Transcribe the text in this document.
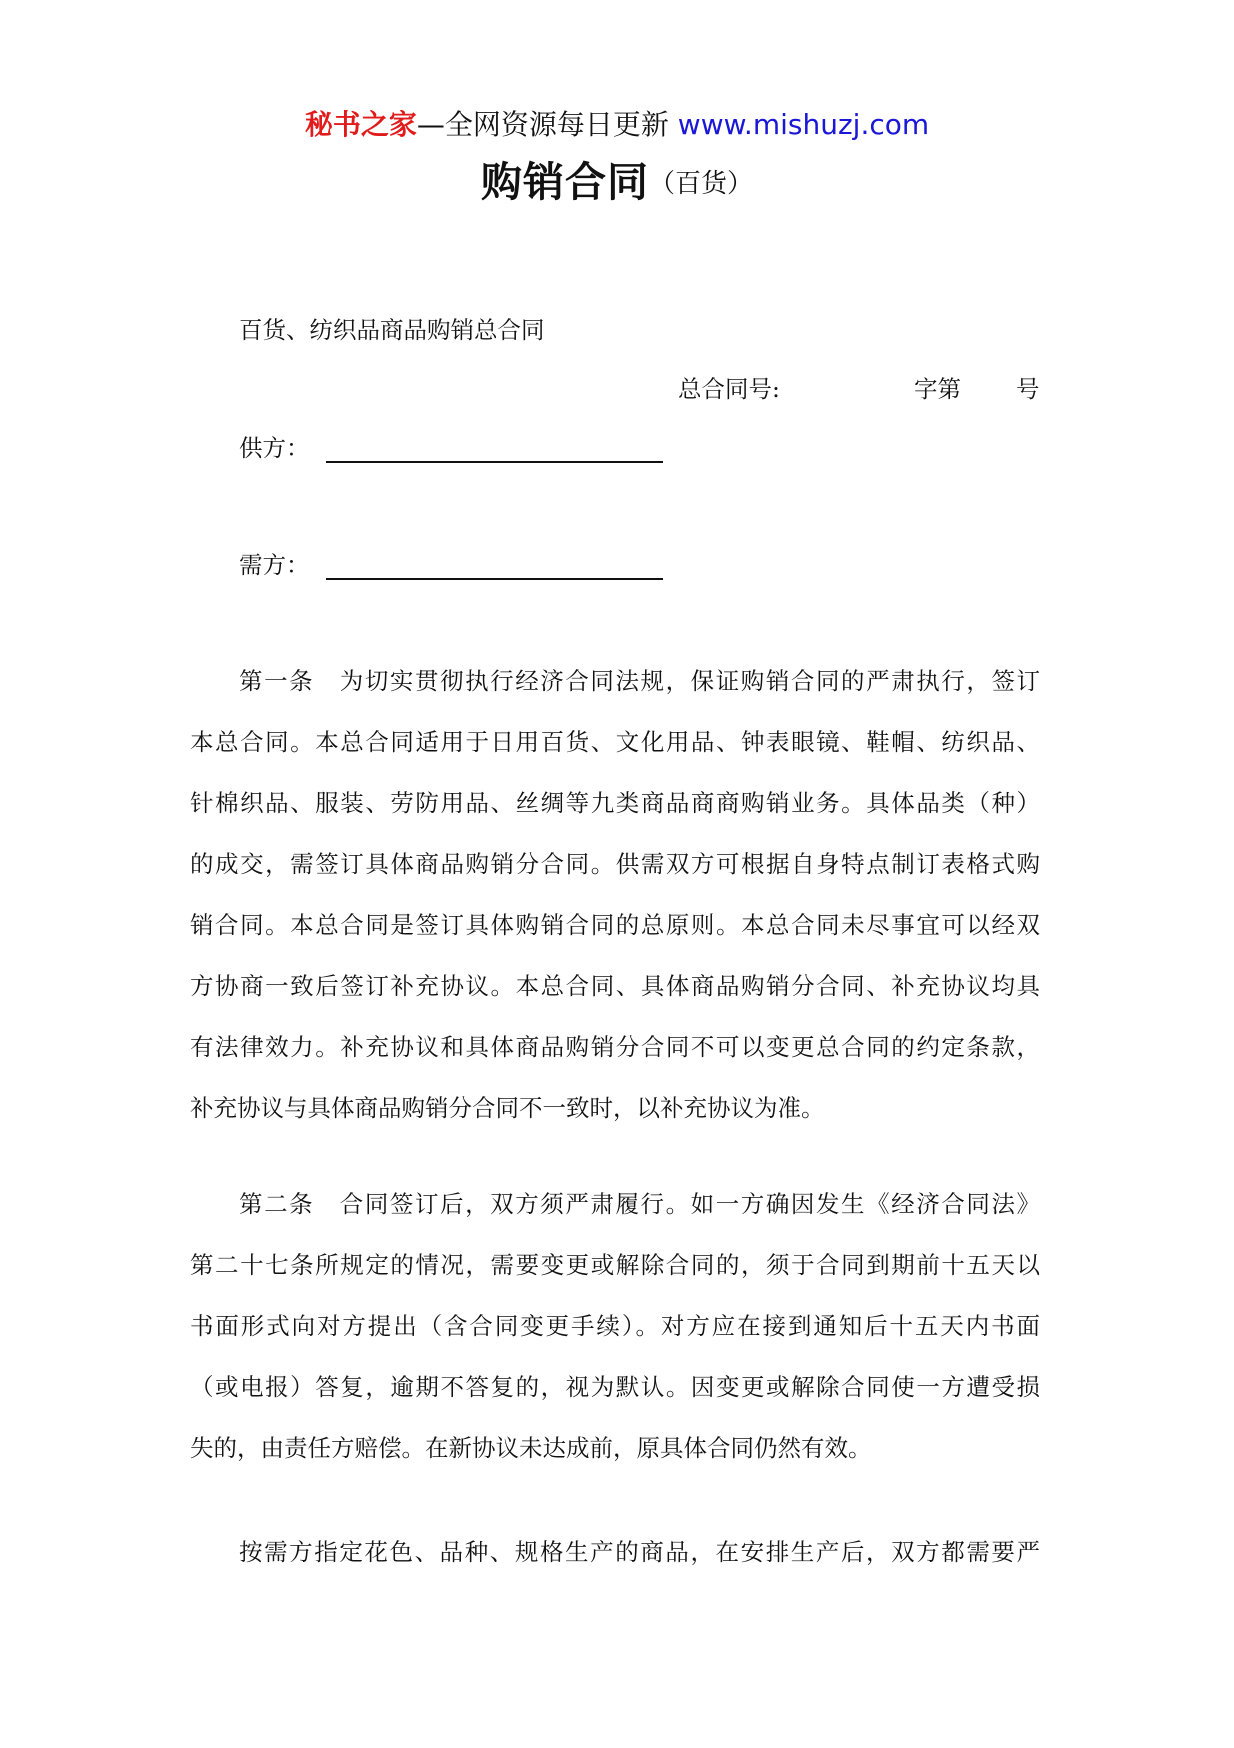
秘书之家—全网资源每日更新 www.mishuzj.com
购销合同（百货）
百货、纺织品商品购销总合同
总合同号:	字第 号
供方：
需方：
第一条 为切实贯彻执行经济合同法规，保证购销合同的严肃执行，签订
本总合同。本总合同适用于日用百货、文化用品、钟表眼镜、鞋帽、纺织品、
针棉织品、服装、劳防用品、丝绸等九类商品商商购销业务。具体品类（种）
的成交，需签订具体商品购销分合同。供需双方可根据自身特点制订表格式购
销合同。本总合同是签订具体购销合同的总原则。本总合同未尽事宜可以经双
方协商一致后签订补充协议。本总合同、具体商品购销分合同、补充协议均具
有法律效力。补充协议和具体商品购销分合同不可以变更总合同的约定条款，
补充协议与具体商品购销分合同不一致时，以补充协议为准。
第二条 合同签订后，双方须严肃履行。如一方确因发生《经济合同法》
第二十七条所规定的情况，需要变更或解除合同的，须于合同到期前十五天以
书面形式向对方提出（含合同变更手续）。对方应在接到通知后十五天内书面
（或电报）答复，逾期不答复的，视为默认。因变更或解除合同使一方遭受损
失的，由责任方赔偿。在新协议未达成前，原具体合同仍然有效。
按需方指定花色、品种、规格生产的商品，在安排生产后，双方都需要严
